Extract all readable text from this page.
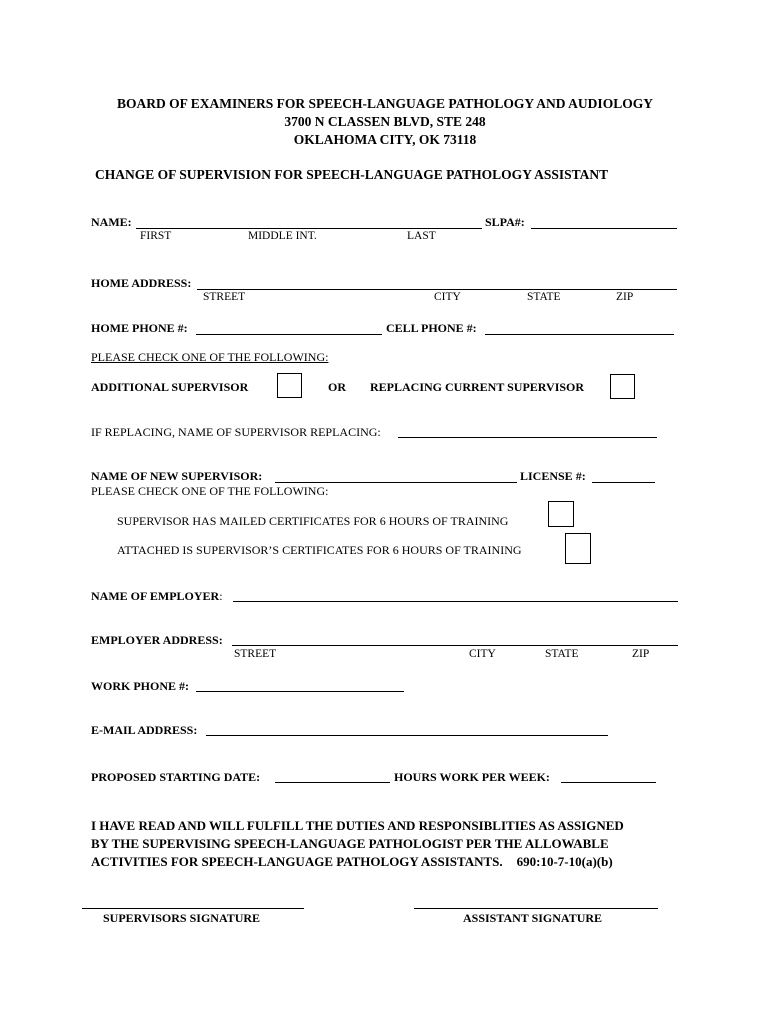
BOARD OF EXAMINERS FOR SPEECH-LANGUAGE PATHOLOGY AND AUDIOLOGY
3700 N CLASSEN BLVD, STE 248
OKLAHOMA CITY, OK 73118
CHANGE OF SUPERVISION FOR SPEECH-LANGUAGE PATHOLOGY ASSISTANT
NAME:	SLPA#:
FIRST	MIDDLE INT.	LAST
HOME ADDRESS:
STREET	CITY	STATE	ZIP
HOME PHONE #:	CELL PHONE #:
PLEASE CHECK ONE OF THE FOLLOWING:
ADDITIONAL SUPERVISOR	OR REPLACING CURRENT SUPERVISOR
IF REPLACING, NAME OF SUPERVISOR REPLACING:
NAME OF NEW SUPERVISOR:	LICENSE #:
PLEASE CHECK ONE OF THE FOLLOWING:
SUPERVISOR HAS MAILED CERTIFICATES FOR 6 HOURS OF TRAINING
ATTACHED IS SUPERVISOR’S CERTIFICATES FOR 6 HOURS OF TRAINING
NAME OF EMPLOYER:
EMPLOYER ADDRESS:
STREET	CITY	STATE	ZIP
WORK PHONE #:
E-MAIL ADDRESS:
PROPOSED STARTING DATE:	HOURS WORK PER WEEK:
I HAVE READ AND WILL FULFILL THE DUTIES AND RESPONSIBLITIES AS ASSIGNED
BY THE SUPERVISING SPEECH-LANGUAGE PATHOLOGIST PER THE ALLOWABLE
ACTIVITIES FOR SPEECH-LANGUAGE PATHOLOGY ASSISTANTS. 690:10-7-10(a)(b)
SUPERVISORS SIGNATURE	ASSISTANT SIGNATURE
